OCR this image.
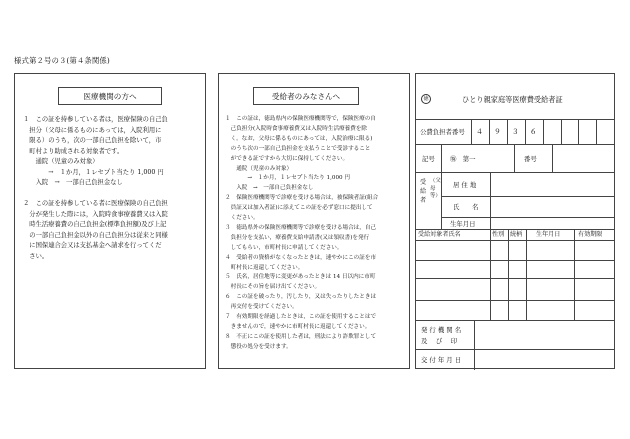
様式第２号の３(第４条関係)
医療機関の方へ
１　この証を持参している者は，医療保険の自己負
　担分（父母に係るものにあっては，入院利用に
　限る）のうち，次の一部自己負担を除いて，市
　町村より助成される対象者です。
　　通院（児童のみ対象）
　　　　→　１か月，１レセプト当たり 1,000 円
　　入院　→　一部自己負担金なし
２　この証を持参している者に医療保険の自己負担
　分が発生した際には，入院時食事療養費又は入院
　時生活療養費の自己負担金(標準負担額)及び上記
　の一部自己負担金以外の自己負担分は従来と同様
　に国保連合会又は支払基金へ請求を行ってくだ
　さい。
受給者のみなさんへ
１　この証は，徳島県内の保険医療機関等で，保険医療の自
　己負担分(入院時食事療養費又は入院時生活療養費を除
　く。なお，父母に係るものにあっては，入院治療に限る)
　のうち次の一部自己負担金を支払うことで受診すること
　ができる証ですから大切に保持してください。
　　通院（児童のみ対象）
　　　　→　１か月，１レセプト当たり 1,000 円
　　入院　→　一部自己負担金なし
２　保険医療機関等で診療を受ける場合は，被保険者証(組合
　員証又は加入者証)に添えてこの証を必ず窓口に提出して
　ください。
３　徳島県外の保険医療機関等で診療を受ける場合は，自己
　負担分を支払い，療養費支給申請書(又は領収書)を発行
　してもらい，市町村長に申請してください。
４　受給者の資格がなくなったときは，速やかにこの証を市
　町村長に返還してください。
５　氏名，居住地等に変更があったときは 14 日以内に市町
　村長にその旨を届け出てください。
６　この証を破ったり，汚したり，又は失ったりしたときは
　再交付を受けてください。
７　有効期限を経過したときは，この証を使用することはで
　きませんので，速やかに市町村長に返還してください。
８　不正にこの証を使用した者は，刑法により詐欺罪として
　懲役の処分を受けます。
徳	ひとり親家庭等医療費受給者証
公費負担者番号 ４ ９ ３ ６
記号 ㊕　第一	番号
受給者
（父母等）
居 住 地
氏　　名
生年月日
受給対象者氏名	性別 続柄 生年月日	有効期限
発 行 機 関 名
及　 び　 印
交 付 年 月 日
